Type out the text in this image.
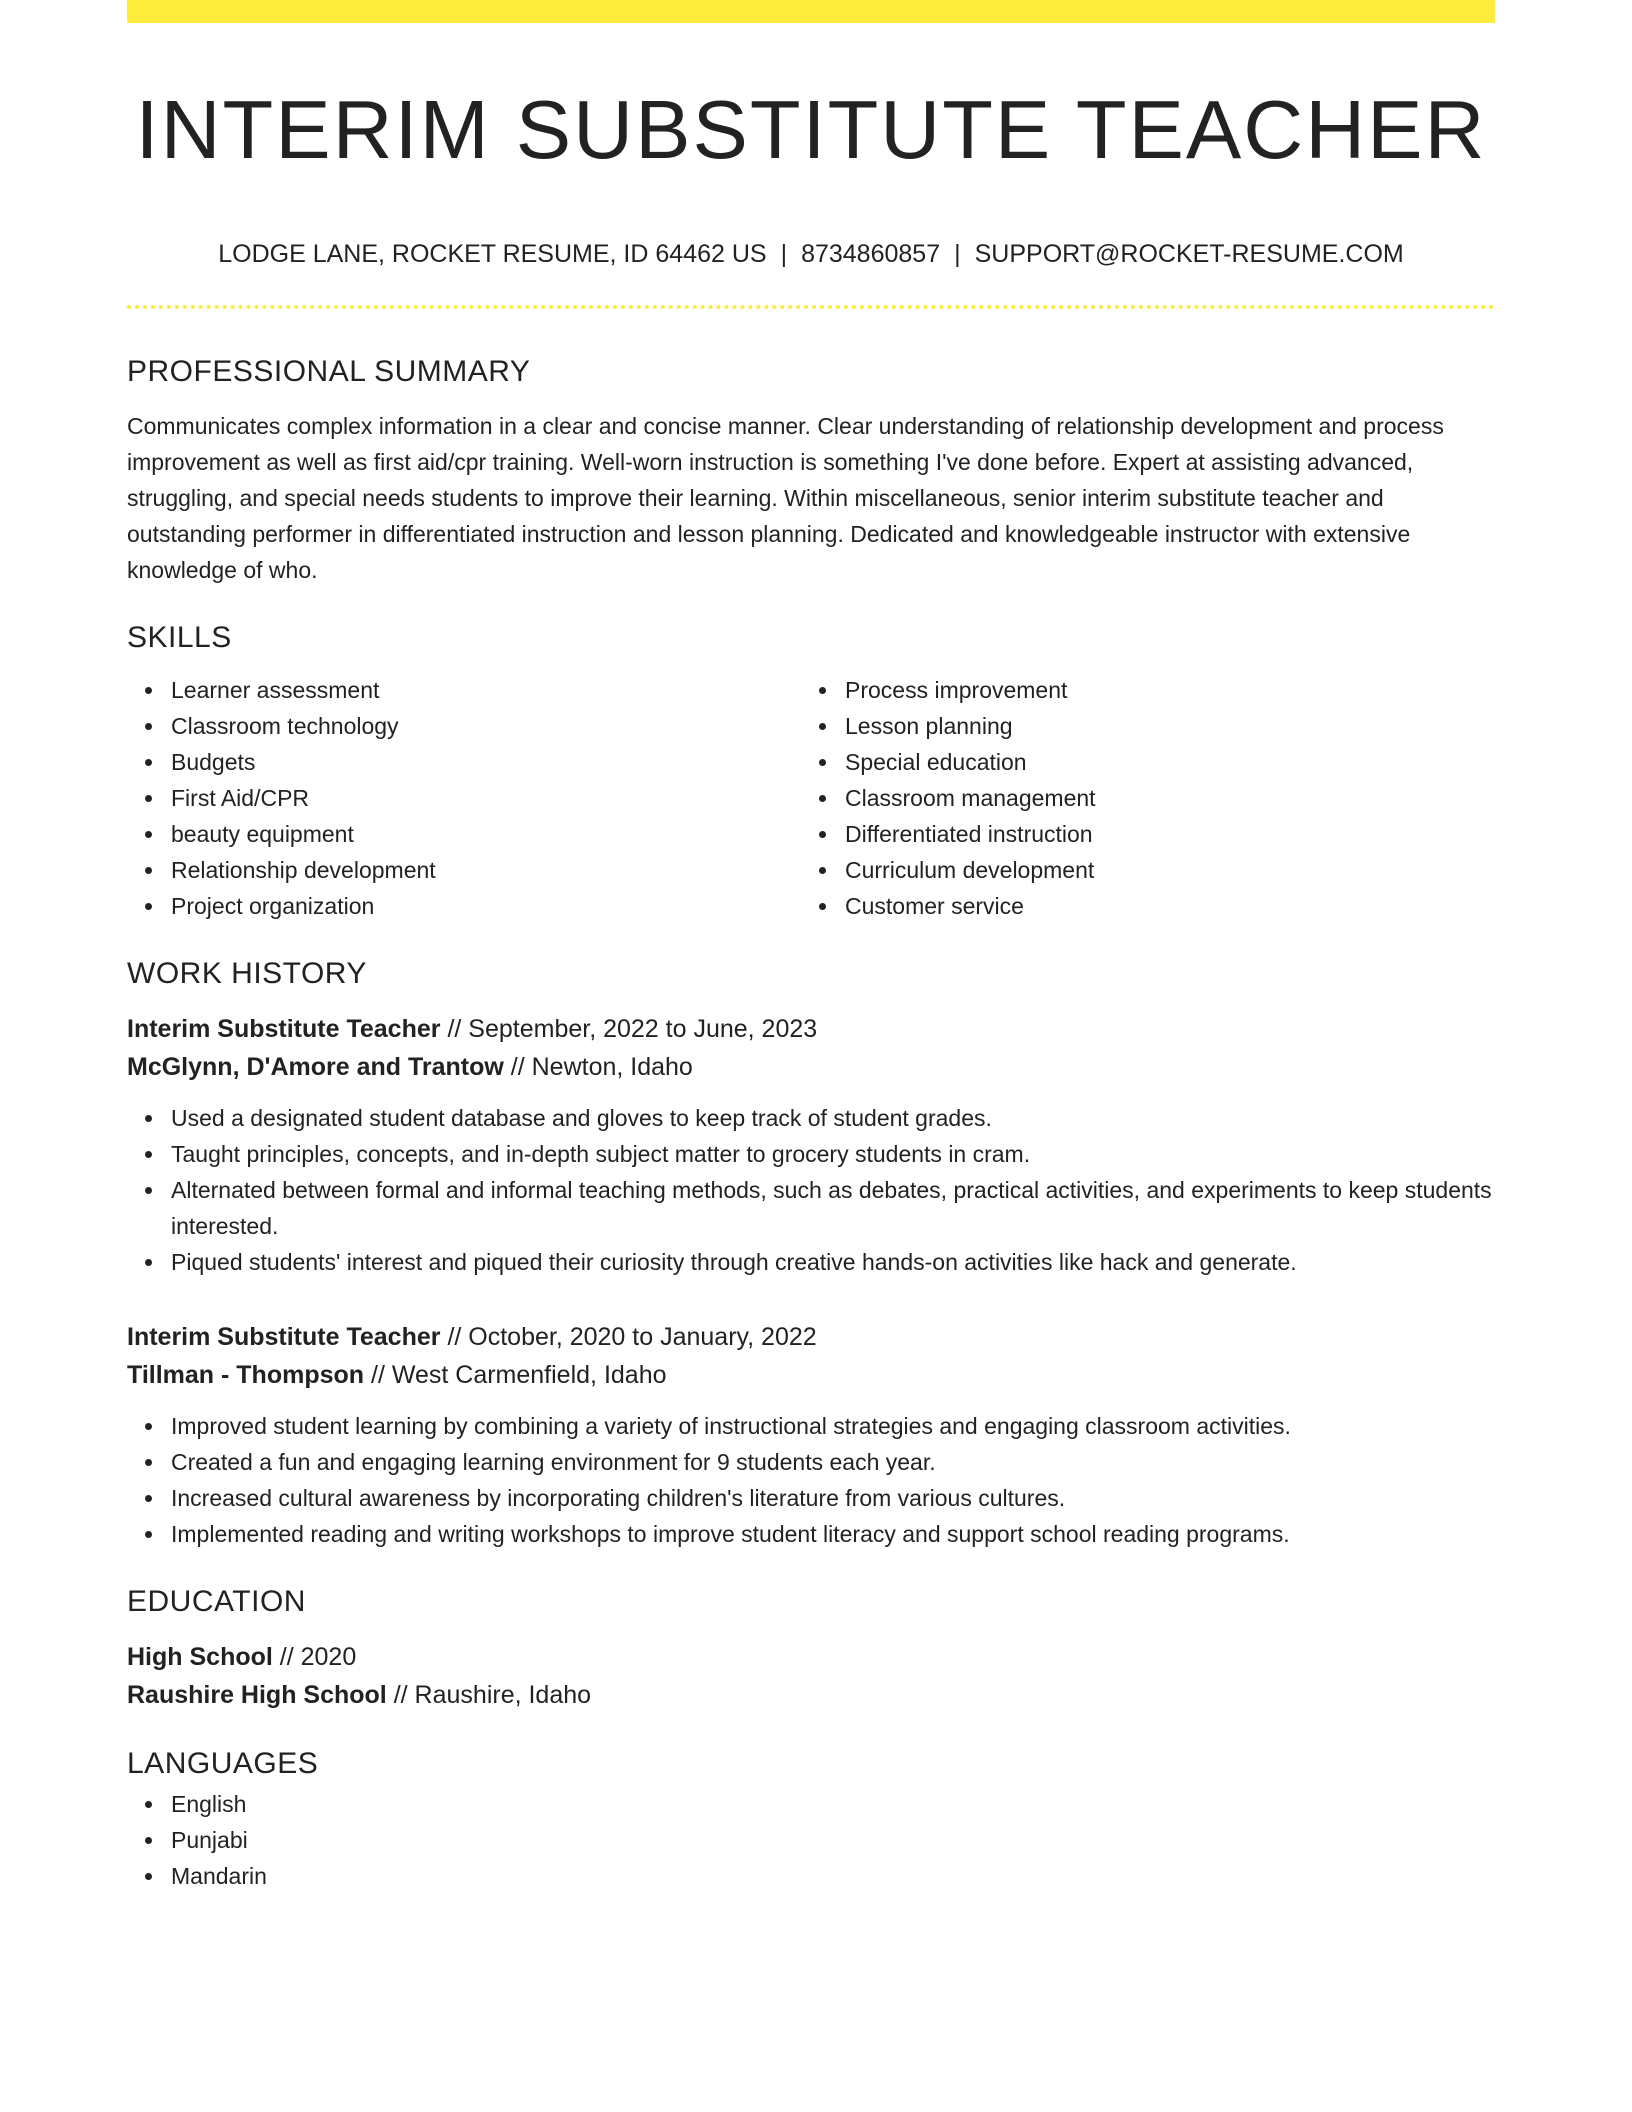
INTERIM SUBSTITUTE TEACHER
LODGE LANE, ROCKET RESUME, ID 64462 US | 8734860857 | SUPPORT@ROCKET-RESUME.COM
PROFESSIONAL SUMMARY

Communicates complex information in a clear and concise manner. Clear understanding of relationship development and process improvement as well as first aid/cpr training. Well-worn instruction is something I've done before. Expert at assisting advanced, struggling, and special needs students to improve their learning. Within miscellaneous, senior interim substitute teacher and outstanding performer in differentiated instruction and lesson planning. Dedicated and knowledgeable instructor with extensive knowledge of who.

SKILLS
Learner assessment
Classroom technology
Budgets
First Aid/CPR
beauty equipment
Relationship development
Project organization
Process improvement
Lesson planning
Special education
Classroom management
Differentiated instruction
Curriculum development
Customer service
WORK HISTORY
Interim Substitute Teacher // September, 2022 to June, 2023
McGlynn, D'Amore and Trantow // Newton, Idaho
Used a designated student database and gloves to keep track of student grades.
Taught principles, concepts, and in-depth subject matter to grocery students in cram.
Alternated between formal and informal teaching methods, such as debates, practical activities, and experiments to keep students interested.
Piqued students' interest and piqued their curiosity through creative hands-on activities like hack and generate.
Interim Substitute Teacher // October, 2020 to January, 2022
Tillman - Thompson // West Carmenfield, Idaho
Improved student learning by combining a variety of instructional strategies and engaging classroom activities.
Created a fun and engaging learning environment for 9 students each year.
Increased cultural awareness by incorporating children's literature from various cultures.
Implemented reading and writing workshops to improve student literacy and support school reading programs.
EDUCATION
High School // 2020
Raushire High School // Raushire, Idaho
LANGUAGES
English
Punjabi
Mandarin
